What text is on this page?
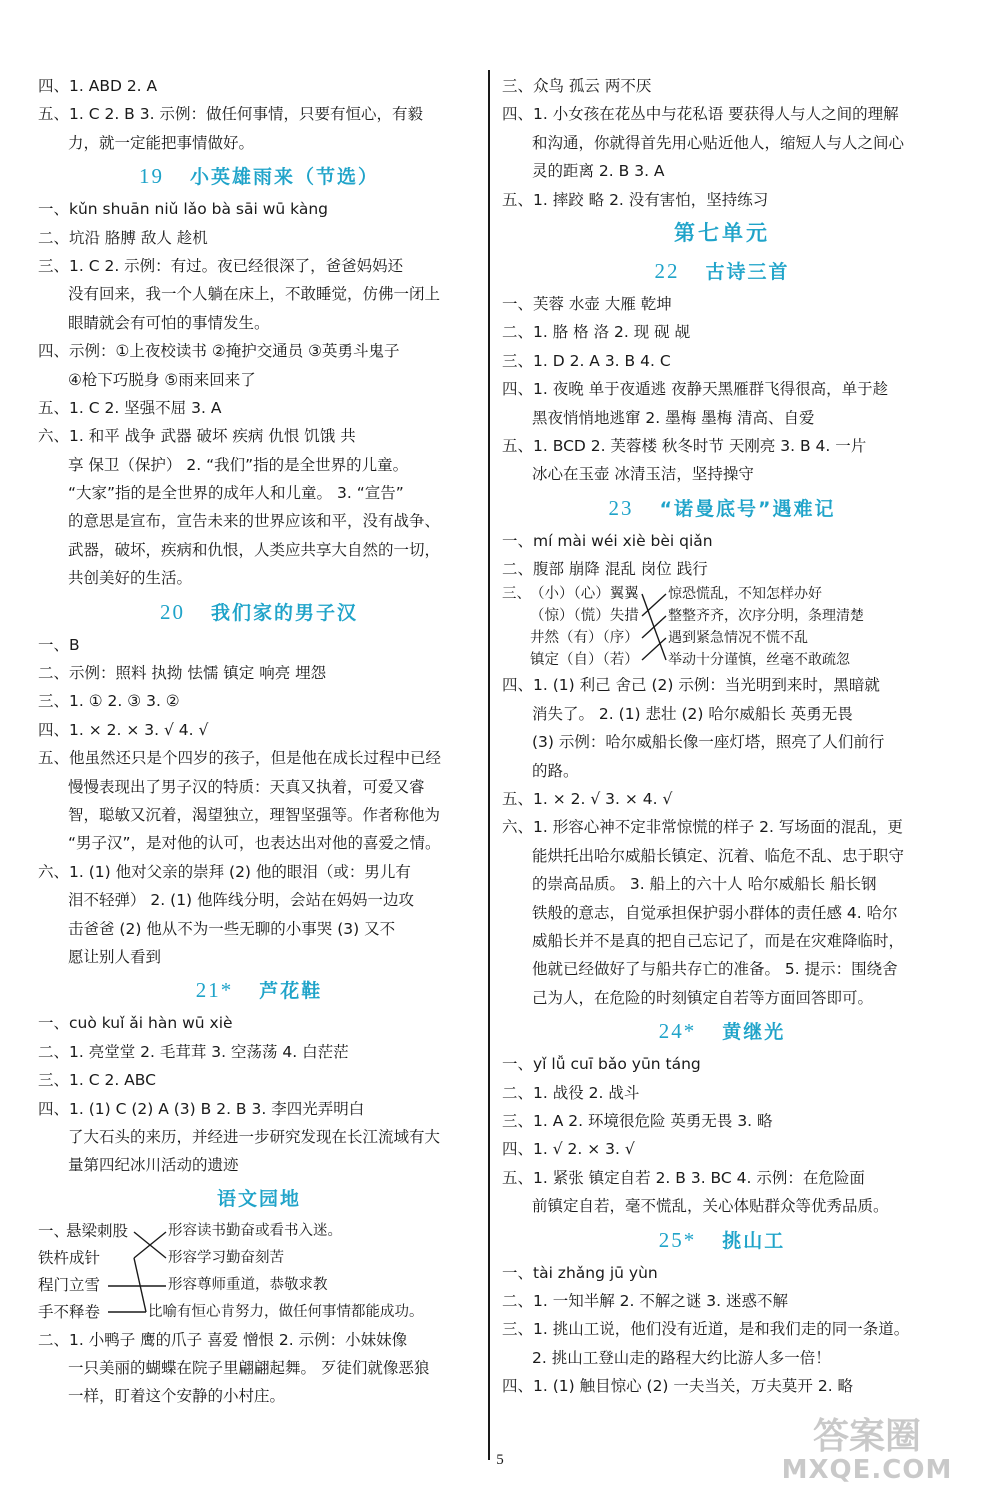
四、1. ABD 2. A
五、1. C 2. B 3. 示例：做任何事情，只要有恒心，有毅
力，就一定能把事情做好。
19 小英雄雨来（节选）
一、kǔn shuān niǔ lǎo bà sāi wū kàng
二、坑沿 胳膊 敌人 趁机
三、1. C 2. 示例：有过。夜已经很深了，爸爸妈妈还
没有回来，我一个人躺在床上，不敢睡觉，仿佛一闭上
眼睛就会有可怕的事情发生。
四、示例：①上夜校读书 ②掩护交通员 ③英勇斗鬼子
④枪下巧脱身 ⑤雨来回来了
五、1. C 2. 坚强不屈 3. A
六、1. 和平 战争 武器 破坏 疾病 仇恨 饥饿 共
享 保卫（保护） 2. “我们”指的是全世界的儿童。
“大家”指的是全世界的成年人和儿童。 3. “宣告”
的意思是宣布，宣告未来的世界应该和平，没有战争、
武器，破坏，疾病和仇恨，人类应共享大自然的一切，
共创美好的生活。
20 我们家的男子汉
一、B
二、示例：照料 执拗 怯懦 镇定 响亮 埋怨
三、1. ① 2. ③ 3. ②
四、1. × 2. × 3. √ 4. √
五、他虽然还只是个四岁的孩子，但是他在成长过程中已经
慢慢表现出了男子汉的特质：天真又执着，可爱又睿
智，聪敏又沉着，渴望独立，理智坚强等。作者称他为
“男子汉”，是对他的认可，也表达出对他的喜爱之情。
六、1. (1) 他对父亲的崇拜 (2) 他的眼泪（或：男儿有
泪不轻弹） 2. (1) 他阵线分明，会站在妈妈一边攻
击爸爸 (2) 他从不为一些无聊的小事哭 (3) 又不
愿让别人看到
21* 芦花鞋
一、cuò kuǐ ǎi hàn wū xiè
二、1. 亮堂堂 2. 毛茸茸 3. 空荡荡 4. 白茫茫
三、1. C 2. ABC
四、1. (1) C (2) A (3) B 2. B 3. 李四光弄明白
了大石头的来历，并经进一步研究发现在长江流域有大
量第四纪冰川活动的遗迹
语文园地
一、
悬梁刺股
铁杵成针
程门立雪
手不释卷
形容读书勤奋或看书入迷。
形容学习勤奋刻苦
形容尊师重道，恭敬求教
比喻有恒心肯努力，做任何事情都能成功。
二、1. 小鸭子 鹰的爪子 喜爱 憎恨 2. 示例：小妹妹像
一只美丽的蝴蝶在院子里翩翩起舞。 歹徒们就像恶狼
一样，盯着这个安静的小村庄。
三、众鸟 孤云 两不厌
四、1. 小女孩在花丛中与花私语 要获得人与人之间的理解
和沟通，你就得首先用心贴近他人，缩短人与人之间心
灵的距离 2. B 3. A
五、1. 摔跤 略 2. 没有害怕，坚持练习
第七单元
22 古诗三首
一、芙蓉 水壶 大雁 乾坤
二、1. 胳 格 洛 2. 现 砚 觇
三、1. D 2. A 3. B 4. C
四、1. 夜晚 单于夜遁逃 夜静天黑雁群飞得很高，单于趁
黑夜悄悄地逃窜 2. 墨梅 墨梅 清高、自爱
五、1. BCD 2. 芙蓉楼 秋冬时节 天刚亮 3. B 4. 一片
冰心在玉壶 冰清玉洁，坚持操守
23 “诺曼底号”遇难记
一、mí mài wéi xiè bèi qiǎn
二、腹部 崩降 混乱 岗位 践行
三、 （小）（心）翼翼
（惊）（慌）失措
井然（有）（序）
镇定（自）（若）
惊恐慌乱，不知怎样办好
整整齐齐，次序分明，条理清楚
遇到紧急情况不慌不乱
举动十分谨慎，丝毫不敢疏忽
四、1. (1) 利己 舍己 (2) 示例：当光明到来时，黑暗就
消失了。 2. (1) 悲壮 (2) 哈尔威船长 英勇无畏
(3) 示例：哈尔威船长像一座灯塔，照亮了人们前行
的路。
五、1. × 2. √ 3. × 4. √
六、1. 形容心神不定非常惊慌的样子 2. 写场面的混乱，更
能烘托出哈尔威船长镇定、沉着、临危不乱、忠于职守
的崇高品质。 3. 船上的六十人 哈尔威船长 船长钢
铁般的意志，自觉承担保护弱小群体的责任感 4. 哈尔
威船长并不是真的把自己忘记了，而是在灾难降临时，
他就已经做好了与船共存亡的准备。 5. 提示：围绕舍
己为人，在危险的时刻镇定自若等方面回答即可。
24* 黄继光
一、yǐ lǚ cuī bǎo yūn táng
二、1. 战役 2. 战斗
三、1. A 2. 环境很危险 英勇无畏 3. 略
四、1. √ 2. × 3. √
五、1. 紧张 镇定自若 2. B 3. BC 4. 示例：在危险面
前镇定自若，毫不慌乱，关心体贴群众等优秀品质。
25* 挑山工
一、tài zhǎng jū yùn
二、1. 一知半解 2. 不解之谜 3. 迷惑不解
三、1. 挑山工说，他们没有近道，是和我们走的同一条道。
2. 挑山工登山走的路程大约比游人多一倍！
四、1. (1) 触目惊心 (2) 一夫当关，万夫莫开 2. 略
5
答案圈
MXQE.COM
